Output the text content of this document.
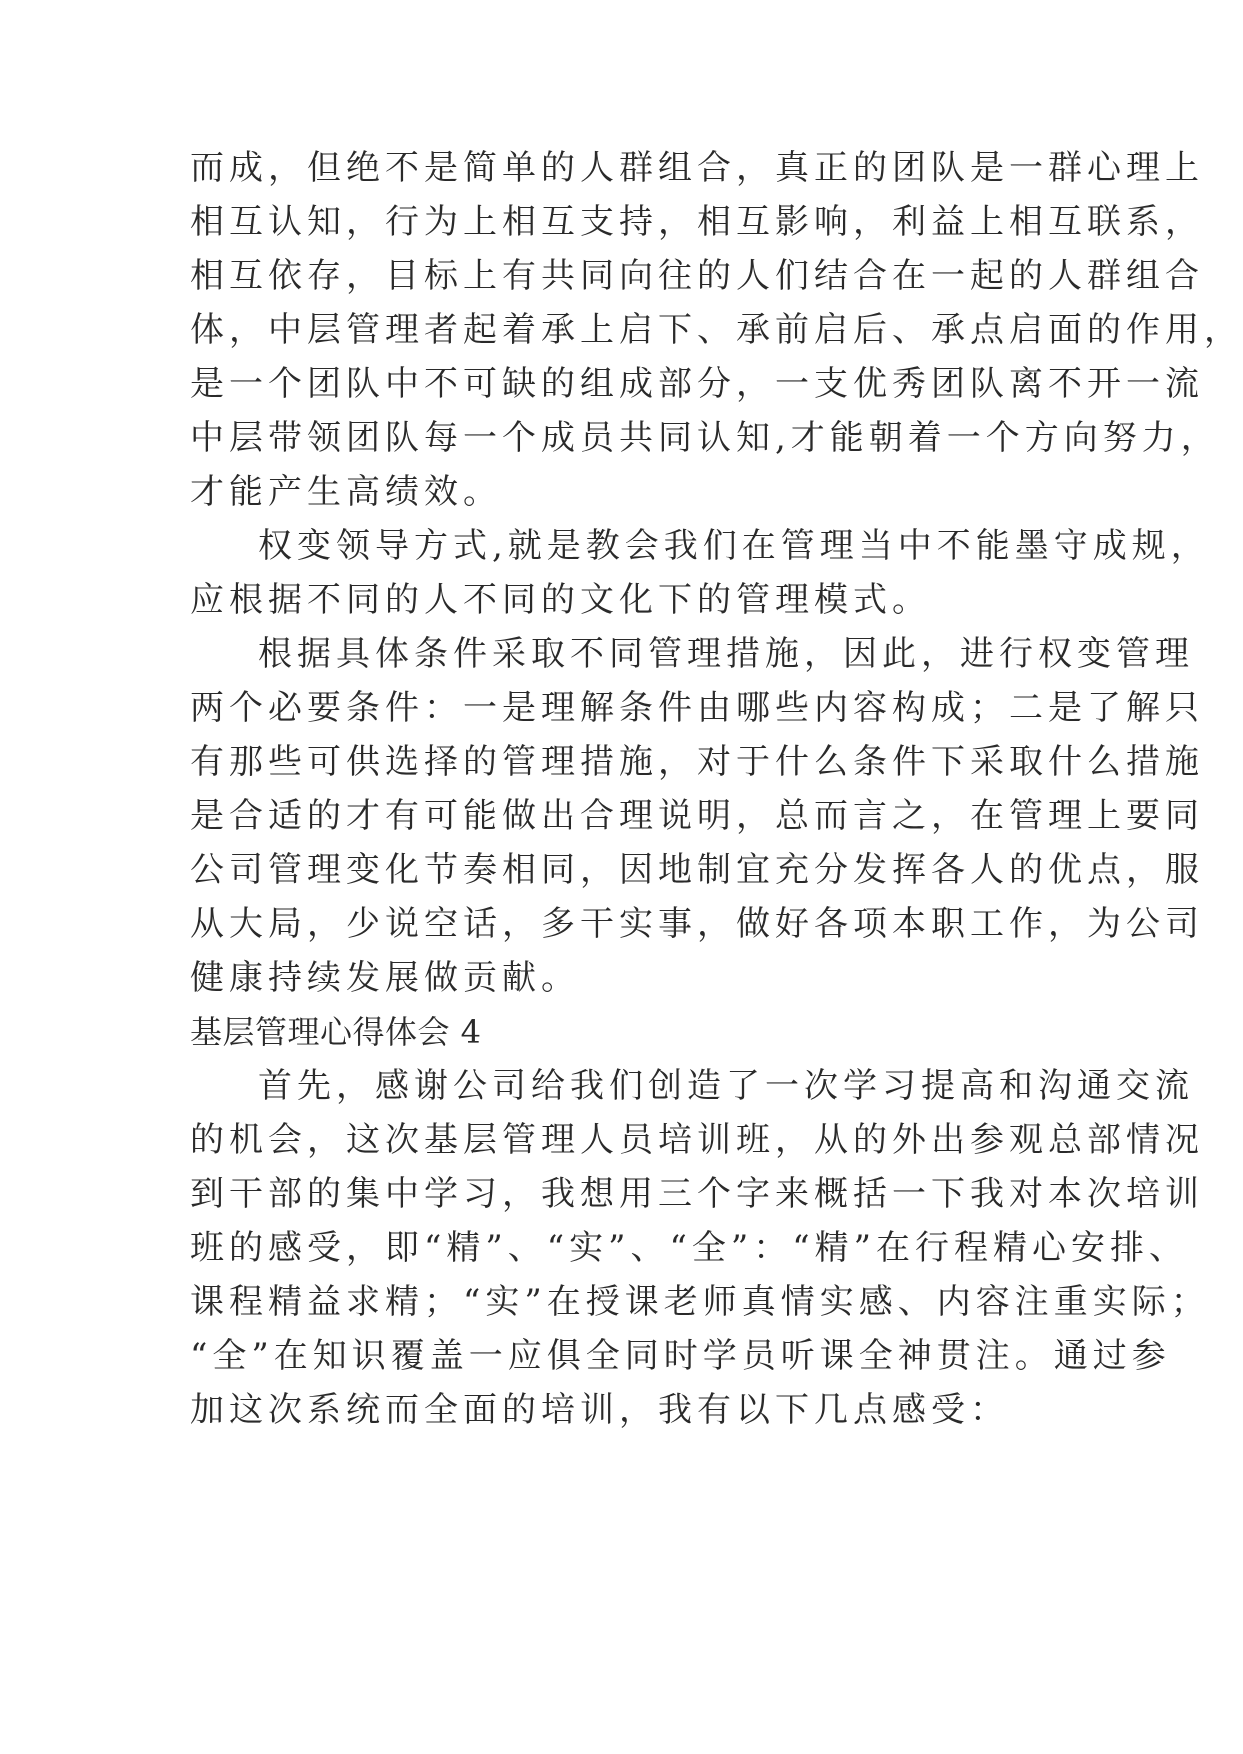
而成，但绝不是简单的人群组合，真正的团队是一群心理上
相互认知，行为上相互支持，相互影响，利益上相互联系，
相互依存，目标上有共同向往的人们结合在一起的人群组合
体，中层管理者起着承上启下、承前启后、承点启面的作用，
是一个团队中不可缺的组成部分，一支优秀团队离不开一流
中层带领团队每一个成员共同认知,才能朝着一个方向努力，
才能产生高绩效。
权变领导方式,就是教会我们在管理当中不能墨守成规，
应根据不同的人不同的文化下的管理模式。
根据具体条件采取不同管理措施，因此，进行权变管理
两个必要条件：一是理解条件由哪些内容构成；二是了解只
有那些可供选择的管理措施，对于什么条件下采取什么措施
是合适的才有可能做出合理说明，总而言之，在管理上要同
公司管理变化节奏相同，因地制宜充分发挥各人的优点，服
从大局，少说空话，多干实事，做好各项本职工作，为公司
健康持续发展做贡献。
基层管理心得体会 4
首先，感谢公司给我们创造了一次学习提高和沟通交流
的机会，这次基层管理人员培训班，从的外出参观总部情况
到干部的集中学习，我想用三个字来概括一下我对本次培训
班的感受，即“精”、“实”、“全”：“精”在行程精心安排、
课程精益求精；“实”在授课老师真情实感、内容注重实际；
“全”在知识覆盖一应俱全同时学员听课全神贯注。通过参
加这次系统而全面的培训，我有以下几点感受：
